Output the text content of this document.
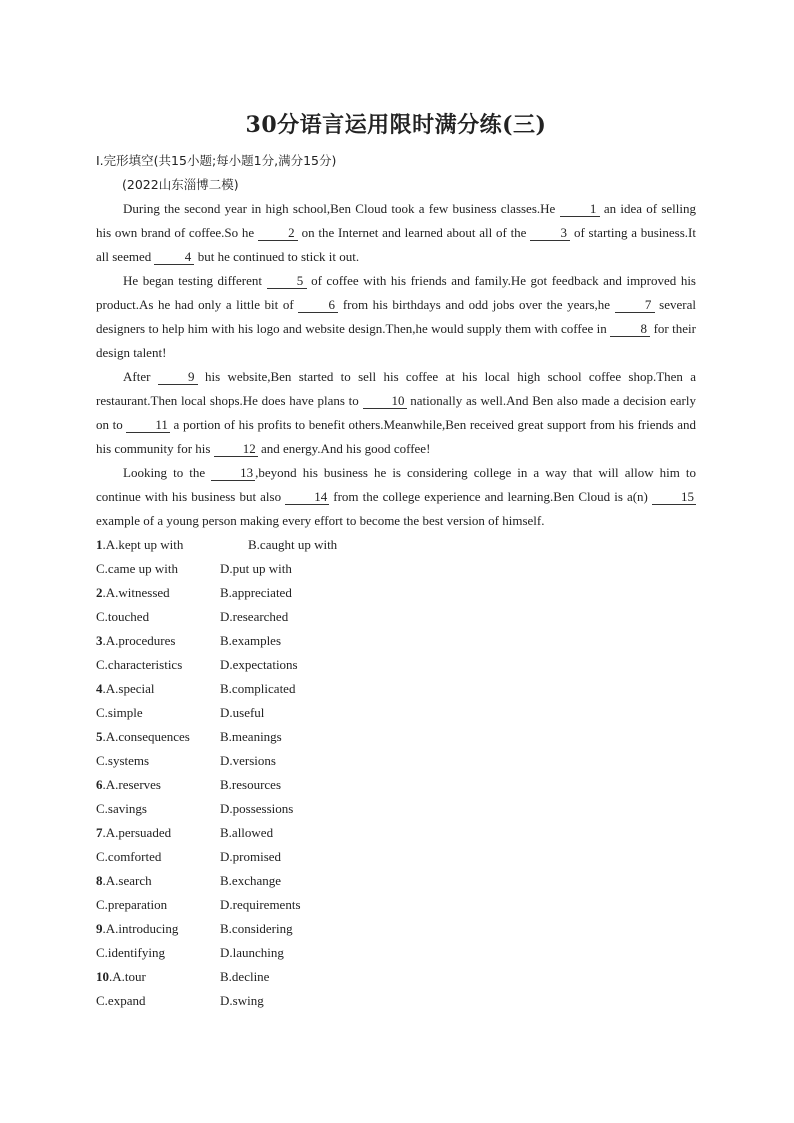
30分语言运用限时满分练(三)
Ⅰ.完形填空(共15小题;每小题1分,满分15分)
(2022山东淄博二模)

During the second year in high school,Ben Cloud took a few business classes.He 1 an idea of selling his own brand of coffee.So he 2 on the Internet and learned about all of the 3 of starting a business.It all seemed 4 but he continued to stick it out.

He began testing different 5 of coffee with his friends and family.He got feedback and improved his product.As he had only a little bit of 6 from his birthdays and odd jobs over the years,he 7 several designers to help him with his logo and website design.Then,he would supply them with coffee in 8 for their design talent!

After 9 his website,Ben started to sell his coffee at his local high school coffee shop.Then a restaurant.Then local shops.He does have plans to 10 nationally as well.And Ben also made a decision early on to 11 a portion of his profits to benefit others.Meanwhile,Ben received great support from his friends and his community for his 12 and energy.And his good coffee!

Looking to the 13 ,beyond his business he is considering college in a way that will allow him to continue with his business but also 14 from the college experience and learning.Ben Cloud is a(n) 15 example of a young person making every effort to become the best version of himself.

1.A.kept up with	B.caught up with
C.came up with	D.put up with
2.A.witnessed	B.appreciated
C.touched	D.researched
3.A.procedures	B.examples
C.characteristics	D.expectations
4.A.special	B.complicated
C.simple	D.useful
5.A.consequences	B.meanings
C.systems	D.versions
6.A.reserves	B.resources
C.savings	D.possessions
7.A.persuaded	B.allowed
C.comforted	D.promised
8.A.search	B.exchange
C.preparation	D.requirements
9.A.introducing	B.considering
C.identifying	D.launching
10.A.tour	B.decline
C.expand	D.swing
